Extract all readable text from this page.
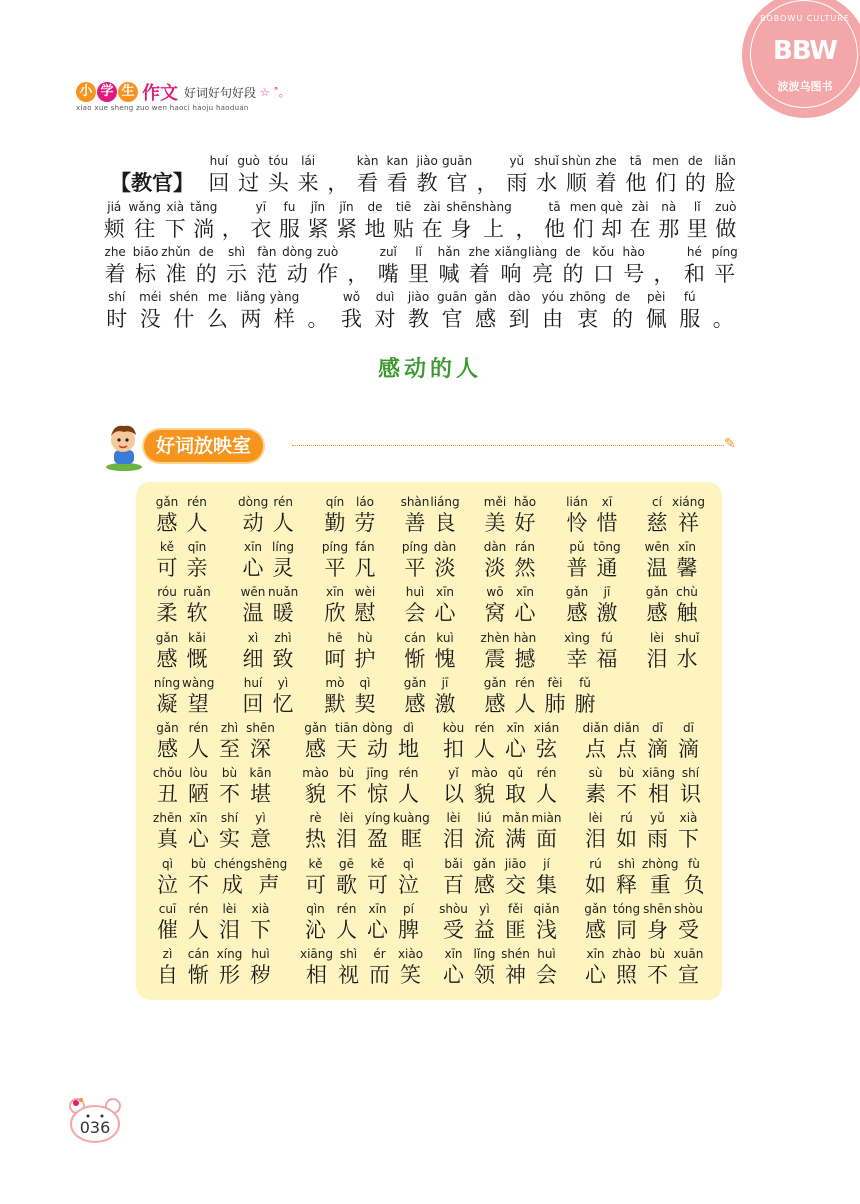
小 学 生 作文 好词好句好段 ☆ ˚。
xiao xue sheng zuo wen haoci haoju haoduan
BOBOWU CULTURE
BBW
波波乌图书
【教官】
huí
回
guò
过
tóu
头
lái
来 ，
kàn
看
kan
看
jiào
教
guān
官 ，
yǔ
雨
shuǐ
水
shùn
顺
zhe
着
tā
他
men
们
de
的
liǎn
脸
jiá
颊
wǎng
往
xià
下
tǎng
淌 ，
yī
衣
fu
服
jǐn
紧
jǐn
紧
de
地
tiē
贴
zài
在
shēn
身
shàng
上 ，
tā
他
men
们
què
却
zài
在
nà
那
lǐ
里
zuò
做
zhe
着
biāo
标
zhǔn
准
de
的
shì
示
fàn
范
dòng
动
zuò
作 ，
zuǐ
嘴
lǐ
里
hǎn
喊
zhe
着
xiǎng
响
liàng
亮
de
的
kǒu
口
hào
号 ，
hé
和
píng
平
shí
时
méi
没
shén
什
me
么
liǎng
两
yàng
样 。
wǒ
我
duì
对
jiào
教
guān
官
gǎn
感
dào
到
yóu
由
zhōng
衷
de
的
pèi
佩
fú
服 。
感动的人
好词放映室	✎
gǎn
感
rén
人
dòng
动
rén
人
qín
勤
láo
劳
shàn
善
liáng
良
měi
美
hǎo
好
lián
怜
xī
惜
cí
慈
xiáng
祥
kě
可
qīn
亲
xīn
心
líng
灵
píng
平
fán
凡
píng
平
dàn
淡
dàn
淡
rán
然
pǔ
普
tōng
通
wēn
温
xīn
馨
róu
柔
ruǎn
软
wēn
温
nuǎn
暖
xīn
欣
wèi
慰
huì
会
xīn
心
wō
窝
xīn
心
gǎn
感
jī
激
gǎn
感
chù
触
gǎn
感
kǎi
慨
xì
细
zhì
致
hē
呵
hù
护
cán
惭
kuì
愧
zhèn
震
hàn
撼
xìng
幸
fú
福
lèi
泪
shuǐ
水
níng
凝
wàng
望
huí
回
yì
忆
mò
默
qì
契
gǎn
感
jī
激
gǎn
感
rén
人
fèi
肺
fǔ
腑
gǎn
感
rén
人
zhì
至
shēn
深
gǎn
感
tiān
天
dòng
动
dì
地
kòu
扣
rén
人
xīn
心
xián
弦
diǎn
点
diǎn
点
dī
滴
dī
滴
chǒu
丑
lòu
陋
bù
不
kān
堪
mào
貌
bù
不
jīng
惊
rén
人
yǐ
以
mào
貌
qǔ
取
rén
人
sù
素
bù
不
xiāng
相
shí
识
zhēn
真
xīn
心
shí
实
yì
意
rè
热
lèi
泪
yíng
盈
kuàng
眶
lèi
泪
liú
流
mǎn
满
miàn
面
lèi
泪
rú
如
yǔ
雨
xià
下
qì
泣
bù
不
chéng
成
shēng
声
kě
可
gē
歌
kě
可
qì
泣
bǎi
百
gǎn
感
jiāo
交
jí
集
rú
如
shì
释
zhòng
重
fù
负
cuī
催
rén
人
lèi
泪
xià
下
qìn
沁
rén
人
xīn
心
pí
脾
shòu
受
yì
益
fěi
匪
qiǎn
浅
gǎn
感
tóng
同
shēn
身
shòu
受
zì
自
cán
惭
xíng
形
huì
秽
xiāng
相
shì
视
ér
而
xiào
笑
xīn
心
lǐng
领
shén
神
huì
会
xīn
心
zhào
照
bù
不
xuān
宣
036
